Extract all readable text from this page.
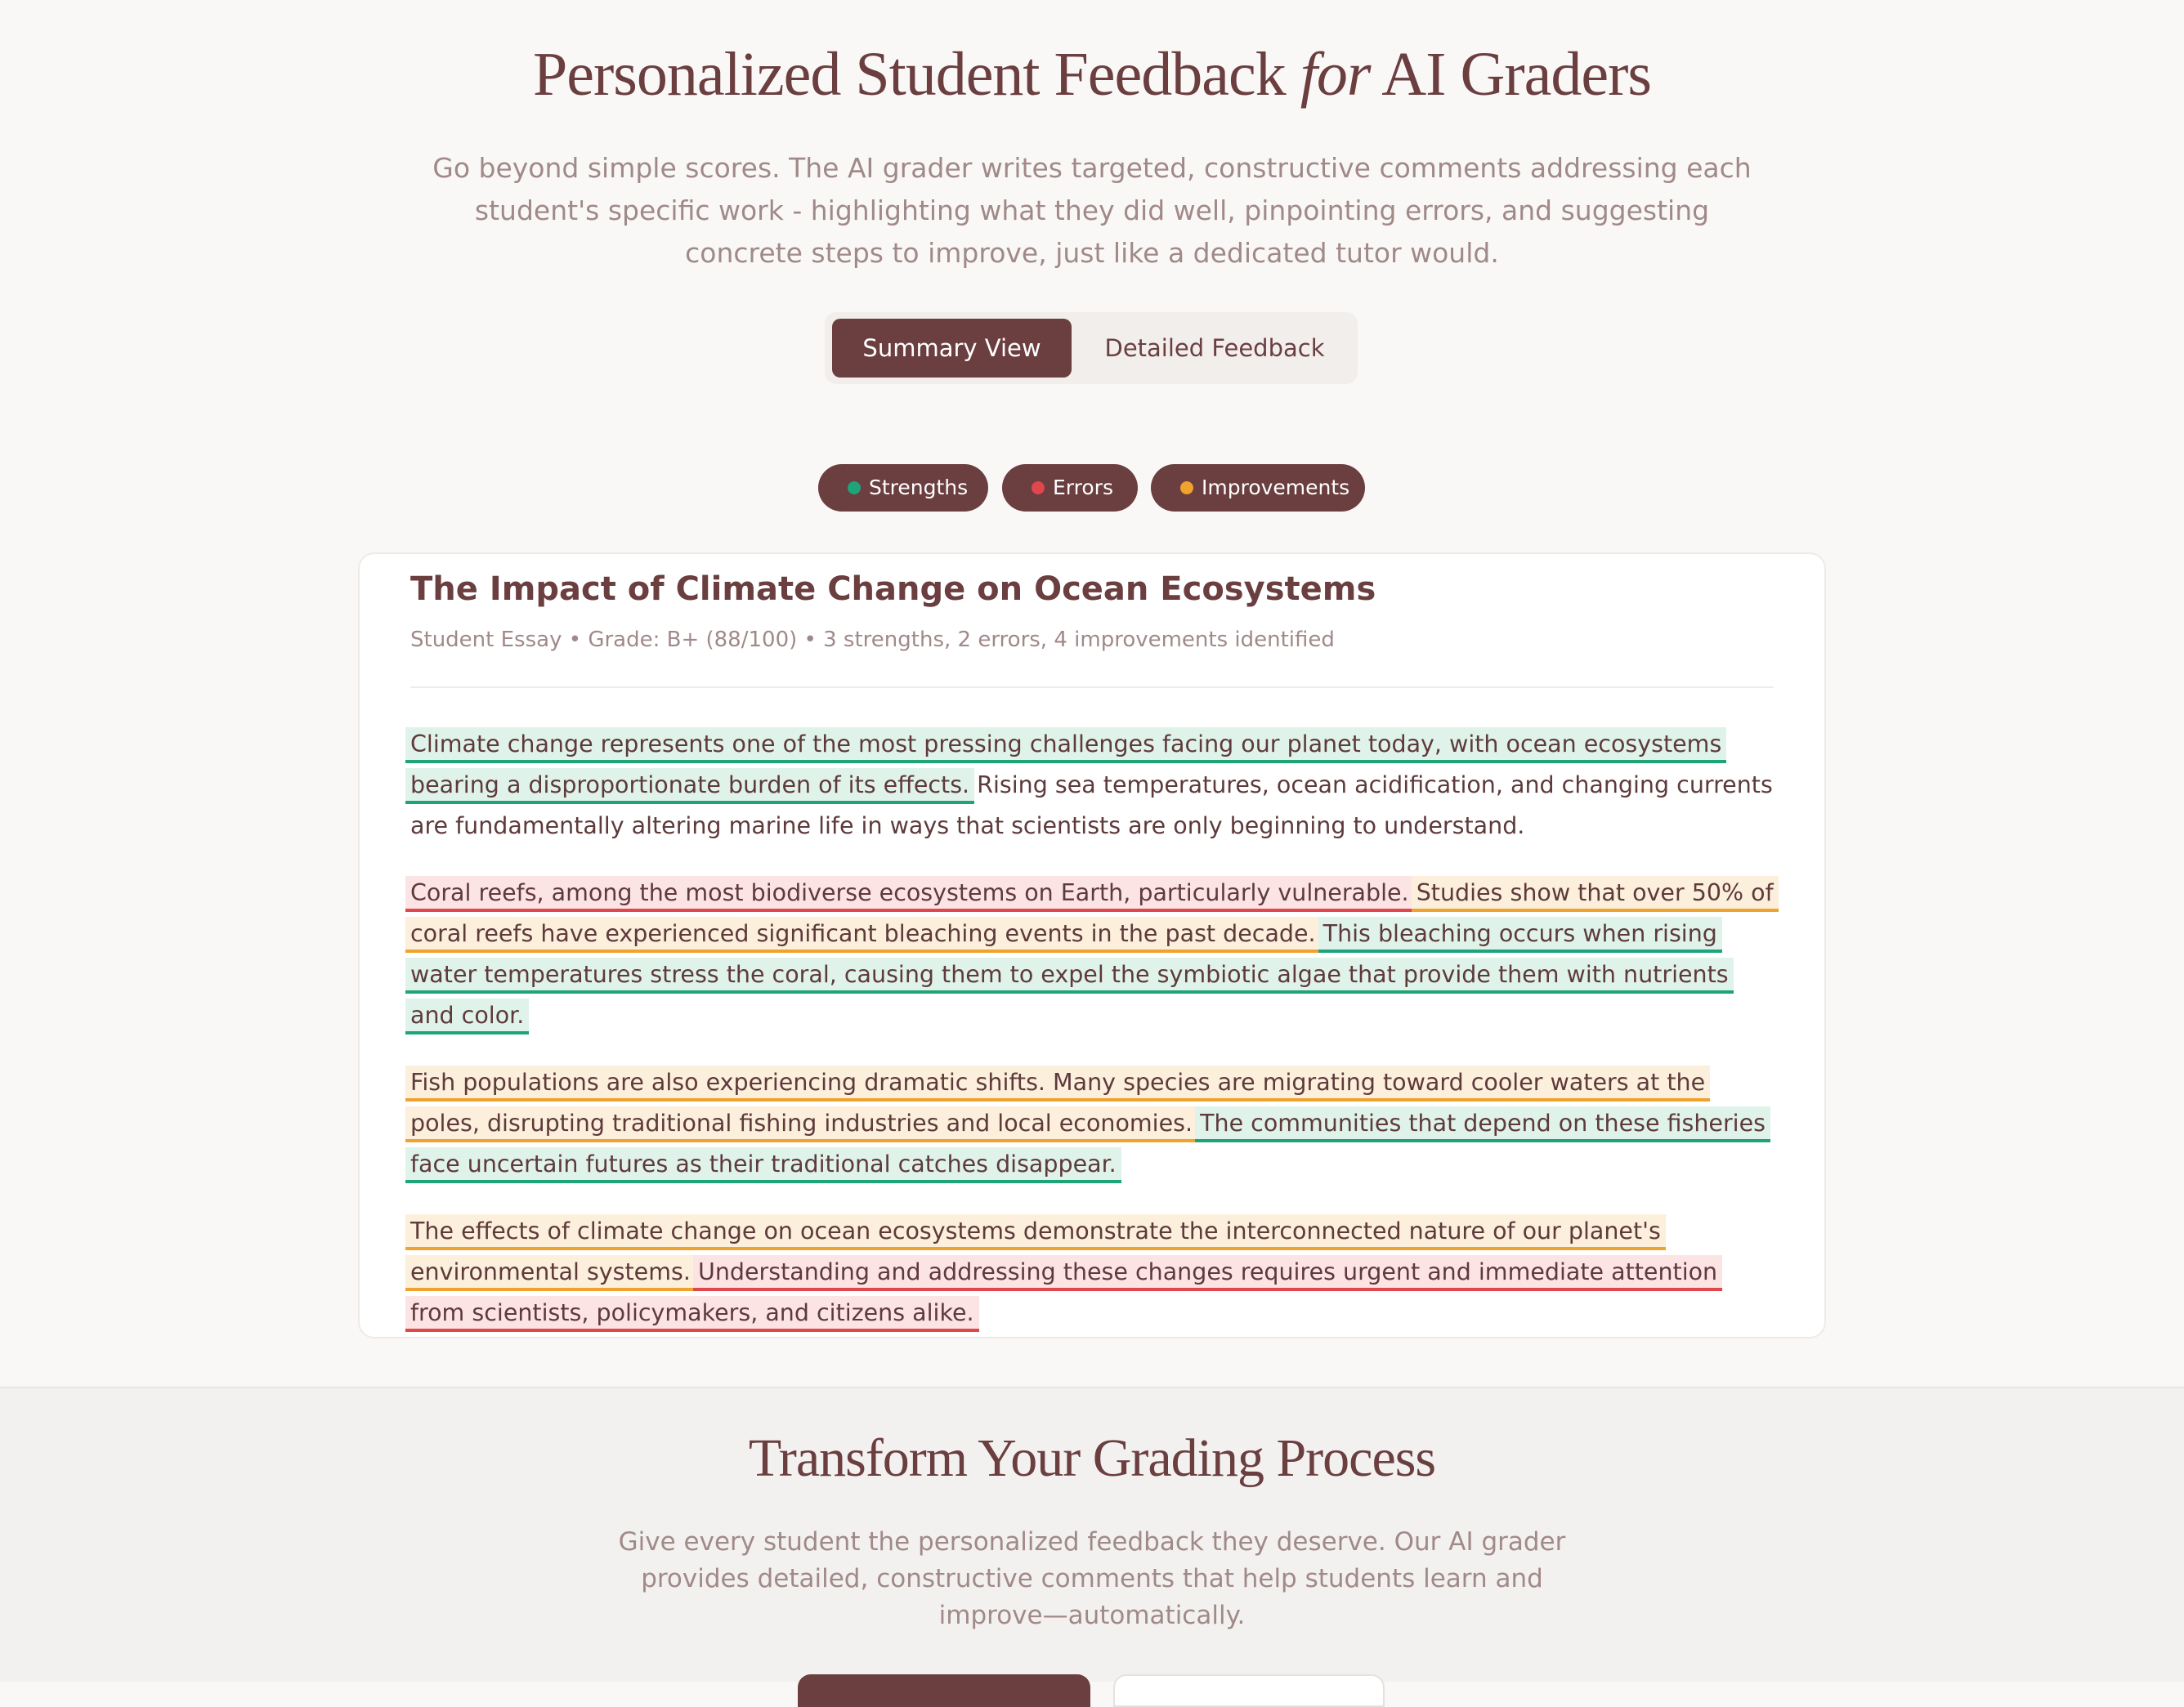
Personalized Student Feedback for AI Graders

Go beyond simple scores. The AI grader writes targeted, constructive comments addressing each student's specific work - highlighting what they did well, pinpointing errors, and suggesting concrete steps to improve, just like a dedicated tutor would.

Summary View	Detailed Feedback
Strengths	Errors	Improvements
The Impact of Climate Change on Ocean Ecosystems
Student Essay • Grade: B+ (88/100) • 3 strengths, 2 errors, 4 improvements identified

Climate change represents one of the most pressing challenges facing our planet today, with ocean ecosystems bearing a disproportionate burden of its effects. Rising sea temperatures, ocean acidification, and changing currents are fundamentally altering marine life in ways that scientists are only beginning to understand.

Coral reefs, among the most biodiverse ecosystems on Earth, particularly vulnerable. Studies show that over 50% of coral reefs have experienced significant bleaching events in the past decade. This bleaching occurs when rising water temperatures stress the coral, causing them to expel the symbiotic algae that provide them with nutrients and color.

Fish populations are also experiencing dramatic shifts. Many species are migrating toward cooler waters at the poles, disrupting traditional fishing industries and local economies. The communities that depend on these fisheries face uncertain futures as their traditional catches disappear.

The effects of climate change on ocean ecosystems demonstrate the interconnected nature of our planet's environmental systems. Understanding and addressing these changes requires urgent and immediate attention from scientists, policymakers, and citizens alike.

Transform Your Grading Process

Give every student the personalized feedback they deserve. Our AI grader provides detailed, constructive comments that help students learn and improve—automatically.
